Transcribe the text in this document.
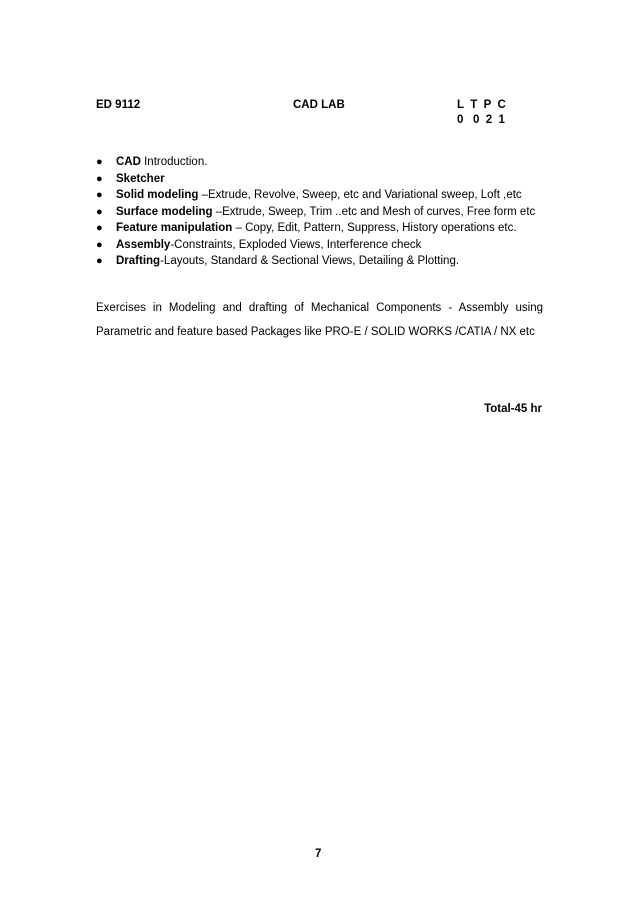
ED 9112	CAD LAB	L  T  P  C
0   0  2  1
● CAD Introduction.
● Sketcher
● Solid modeling –Extrude, Revolve, Sweep, etc and Variational sweep, Loft ,etc
● Surface modeling –Extrude, Sweep, Trim ..etc and Mesh of curves, Free form etc
● Feature manipulation – Copy, Edit, Pattern, Suppress, History operations etc.
● Assembly-Constraints, Exploded Views, Interference check
● Drafting-Layouts, Standard & Sectional Views, Detailing & Plotting.
Exercises in Modeling and drafting of Mechanical Components - Assembly using Parametric and feature based Packages like PRO-E / SOLID WORKS /CATIA / NX etc
Total-45 hr
7
